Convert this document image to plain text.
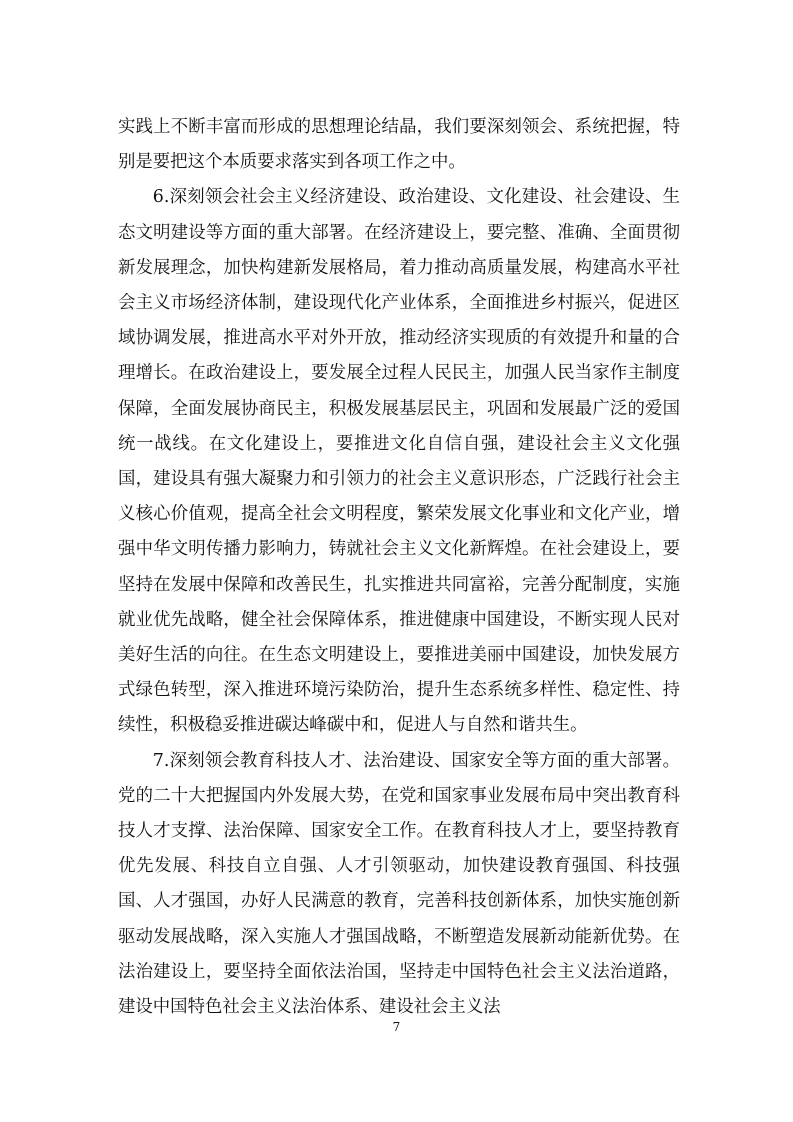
实践上不断丰富而形成的思想理论结晶，我们要深刻领会、系统把握，特别是要把这个本质要求落实到各项工作之中。

6.深刻领会社会主义经济建设、政治建设、文化建设、社会建设、生态文明建设等方面的重大部署。在经济建设上，要完整、准确、全面贯彻新发展理念，加快构建新发展格局，着力推动高质量发展，构建高水平社会主义市场经济体制，建设现代化产业体系，全面推进乡村振兴，促进区域协调发展，推进高水平对外开放，推动经济实现质的有效提升和量的合理增长。在政治建设上，要发展全过程人民民主，加强人民当家作主制度保障，全面发展协商民主，积极发展基层民主，巩固和发展最广泛的爱国统一战线。在文化建设上，要推进文化自信自强，建设社会主义文化强国，建设具有强大凝聚力和引领力的社会主义意识形态，广泛践行社会主义核心价值观，提高全社会文明程度，繁荣发展文化事业和文化产业，增强中华文明传播力影响力，铸就社会主义文化新辉煌。在社会建设上，要坚持在发展中保障和改善民生，扎实推进共同富裕，完善分配制度，实施就业优先战略，健全社会保障体系，推进健康中国建设，不断实现人民对美好生活的向往。在生态文明建设上，要推进美丽中国建设，加快发展方式绿色转型，深入推进环境污染防治，提升生态系统多样性、稳定性、持续性，积极稳妥推进碳达峰碳中和，促进人与自然和谐共生。

7.深刻领会教育科技人才、法治建设、国家安全等方面的重大部署。党的二十大把握国内外发展大势，在党和国家事业发展布局中突出教育科技人才支撑、法治保障、国家安全工作。在教育科技人才上，要坚持教育优先发展、科技自立自强、人才引领驱动，加快建设教育强国、科技强国、人才强国，办好人民满意的教育，完善科技创新体系，加快实施创新驱动发展战略，深入实施人才强国战略，不断塑造发展新动能新优势。在法治建设上，要坚持全面依法治国，坚持走中国特色社会主义法治道路，建设中国特色社会主义法治体系、建设社会主义法

7
